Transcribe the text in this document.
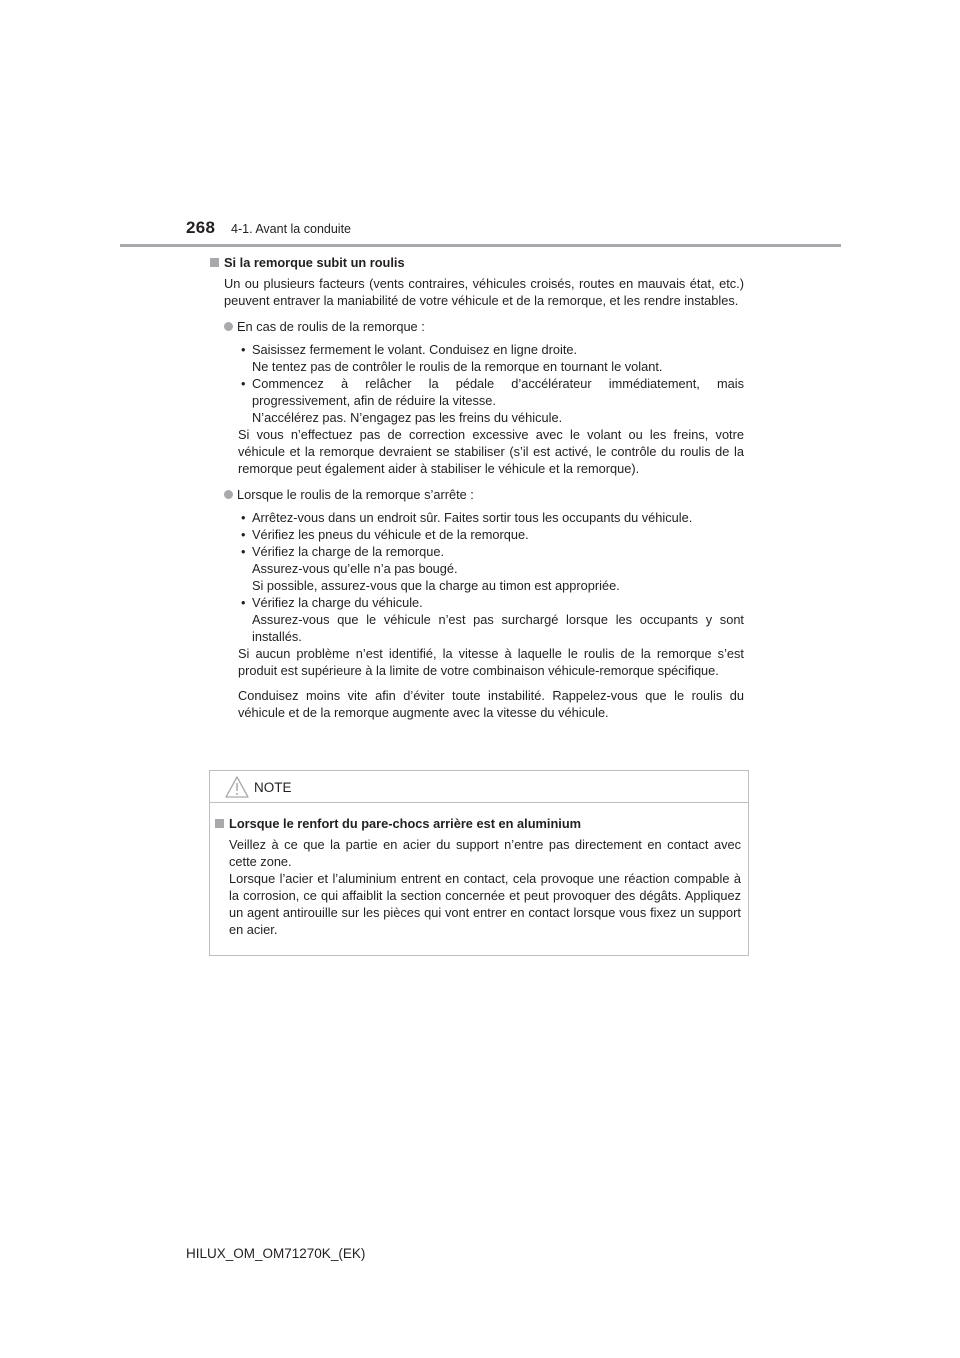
268 4-1. Avant la conduite
Si la remorque subit un roulis
Un ou plusieurs facteurs (vents contraires, véhicules croisés, routes en mauvais état, etc.) peuvent entraver la maniabilité de votre véhicule et de la remorque, et les rendre instables.
En cas de roulis de la remorque :
• Saisissez fermement le volant. Conduisez en ligne droite.
Ne tentez pas de contrôler le roulis de la remorque en tournant le volant.
• Commencez à relâcher la pédale d’accélérateur immédiatement, mais progressivement, afin de réduire la vitesse.
N’accélérez pas. N’engagez pas les freins du véhicule.
Si vous n’effectuez pas de correction excessive avec le volant ou les freins, votre véhicule et la remorque devraient se stabiliser (s’il est activé, le contrôle du roulis de la remorque peut également aider à stabiliser le véhicule et la remorque).
Lorsque le roulis de la remorque s’arrête :
• Arrêtez-vous dans un endroit sûr. Faites sortir tous les occupants du véhicule.
• Vérifiez les pneus du véhicule et de la remorque.
• Vérifiez la charge de la remorque.
Assurez-vous qu’elle n’a pas bougé.
Si possible, assurez-vous que la charge au timon est appropriée.
• Vérifiez la charge du véhicule.
Assurez-vous que le véhicule n’est pas surchargé lorsque les occupants y sont installés.
Si aucun problème n’est identifié, la vitesse à laquelle le roulis de la remorque s’est produit est supérieure à la limite de votre combinaison véhicule-remorque spécifique.
Conduisez moins vite afin d’éviter toute instabilité. Rappelez-vous que le roulis du véhicule et de la remorque augmente avec la vitesse du véhicule.
NOTE
Lorsque le renfort du pare-chocs arrière est en aluminium
Veillez à ce que la partie en acier du support n’entre pas directement en contact avec cette zone.
Lorsque l’acier et l’aluminium entrent en contact, cela provoque une réaction compable à la corrosion, ce qui affaiblit la section concernée et peut provoquer des dégâts. Appliquez un agent antirouille sur les pièces qui vont entrer en contact lorsque vous fixez un support en acier.
HILUX_OM_OM71270K_(EK)
